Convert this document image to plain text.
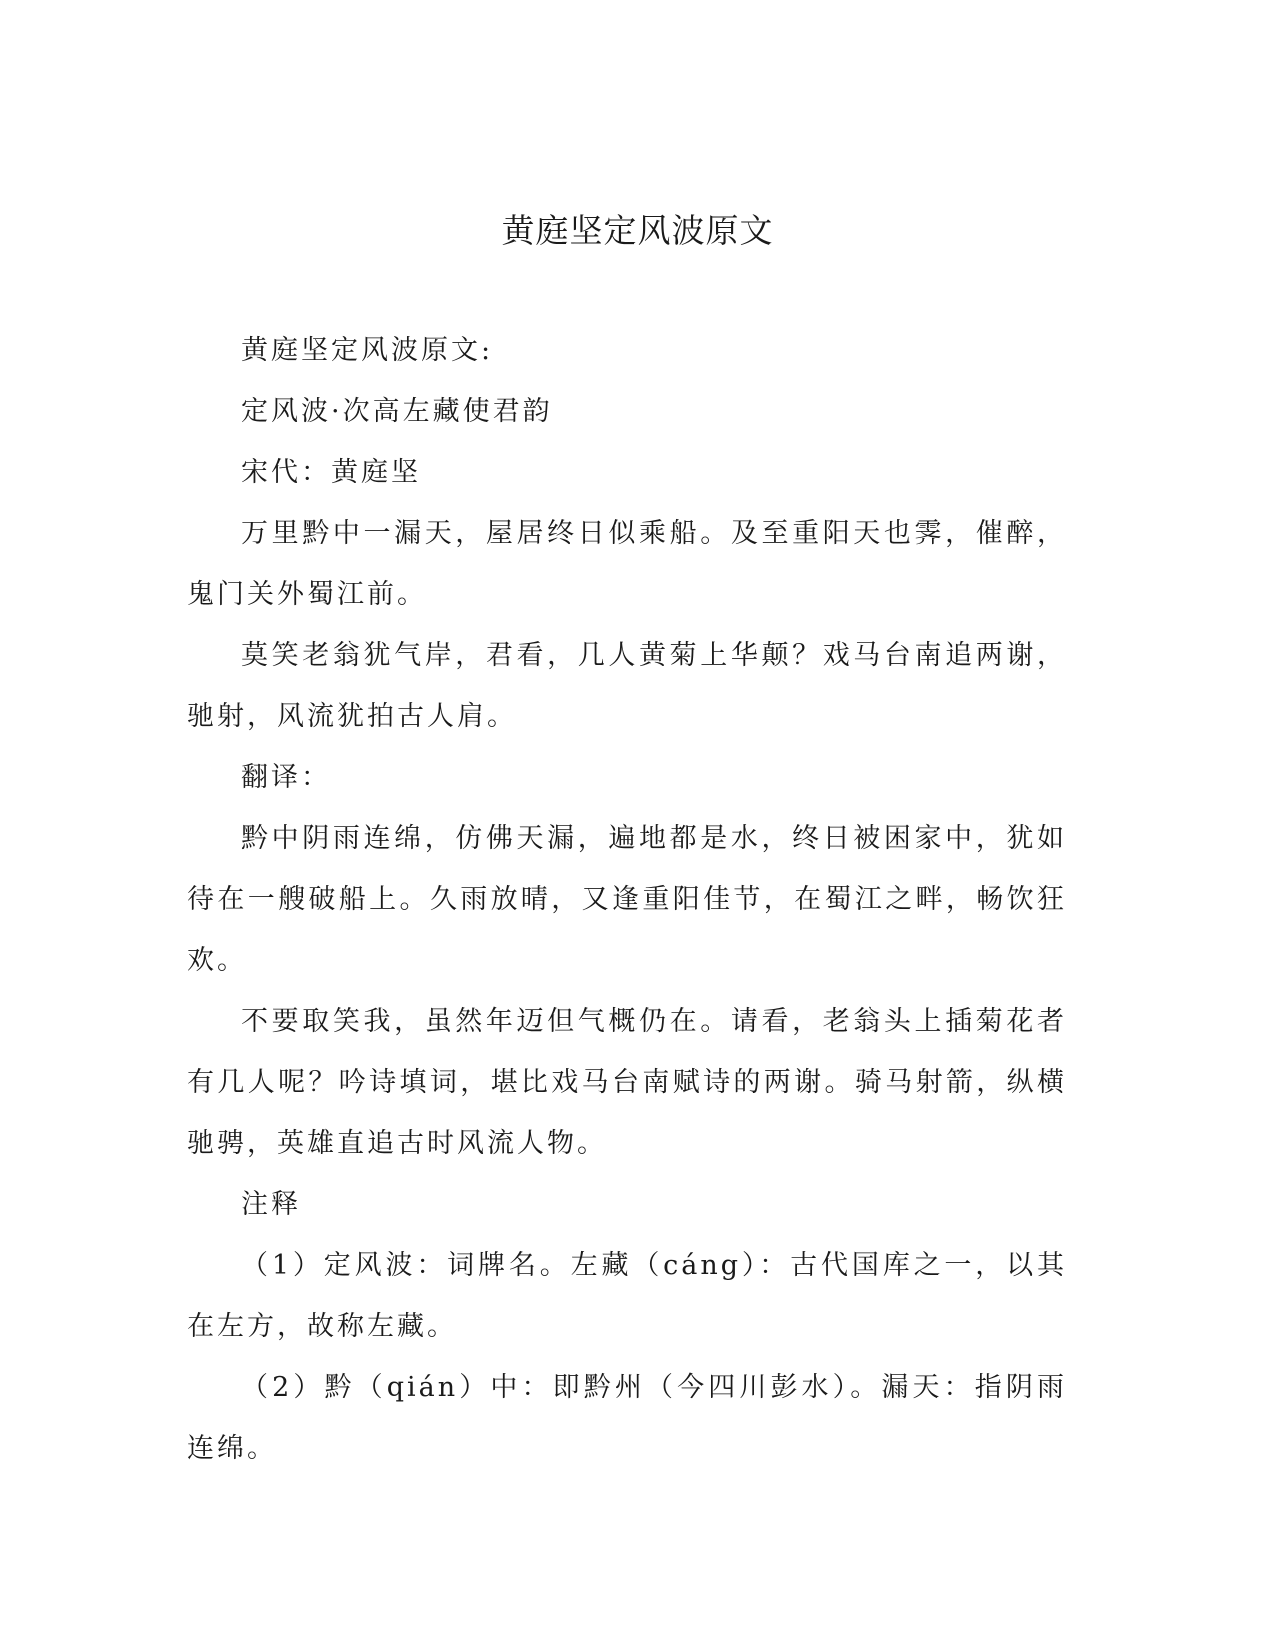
黄庭坚定风波原文

黄庭坚定风波原文:

定风波·次高左藏使君韵

宋代：黄庭坚

万里黔中一漏天，屋居终日似乘船。及至重阳天也霁，催醉，鬼门关外蜀江前。

莫笑老翁犹气岸，君看，几人黄菊上华颠？戏马台南追两谢，驰射，风流犹拍古人肩。

翻译：

黔中阴雨连绵，仿佛天漏，遍地都是水，终日被困家中，犹如待在一艘破船上。久雨放晴，又逢重阳佳节，在蜀江之畔，畅饮狂欢。

不要取笑我，虽然年迈但气概仍在。请看，老翁头上插菊花者有几人呢？吟诗填词，堪比戏马台南赋诗的两谢。骑马射箭，纵横驰骋，英雄直追古时风流人物。

注释

（1）定风波：词牌名。左藏（cáng）：古代国库之一，以其在左方，故称左藏。

（2）黔（qián）中：即黔州（今四川彭水）。漏天：指阴雨连绵。
